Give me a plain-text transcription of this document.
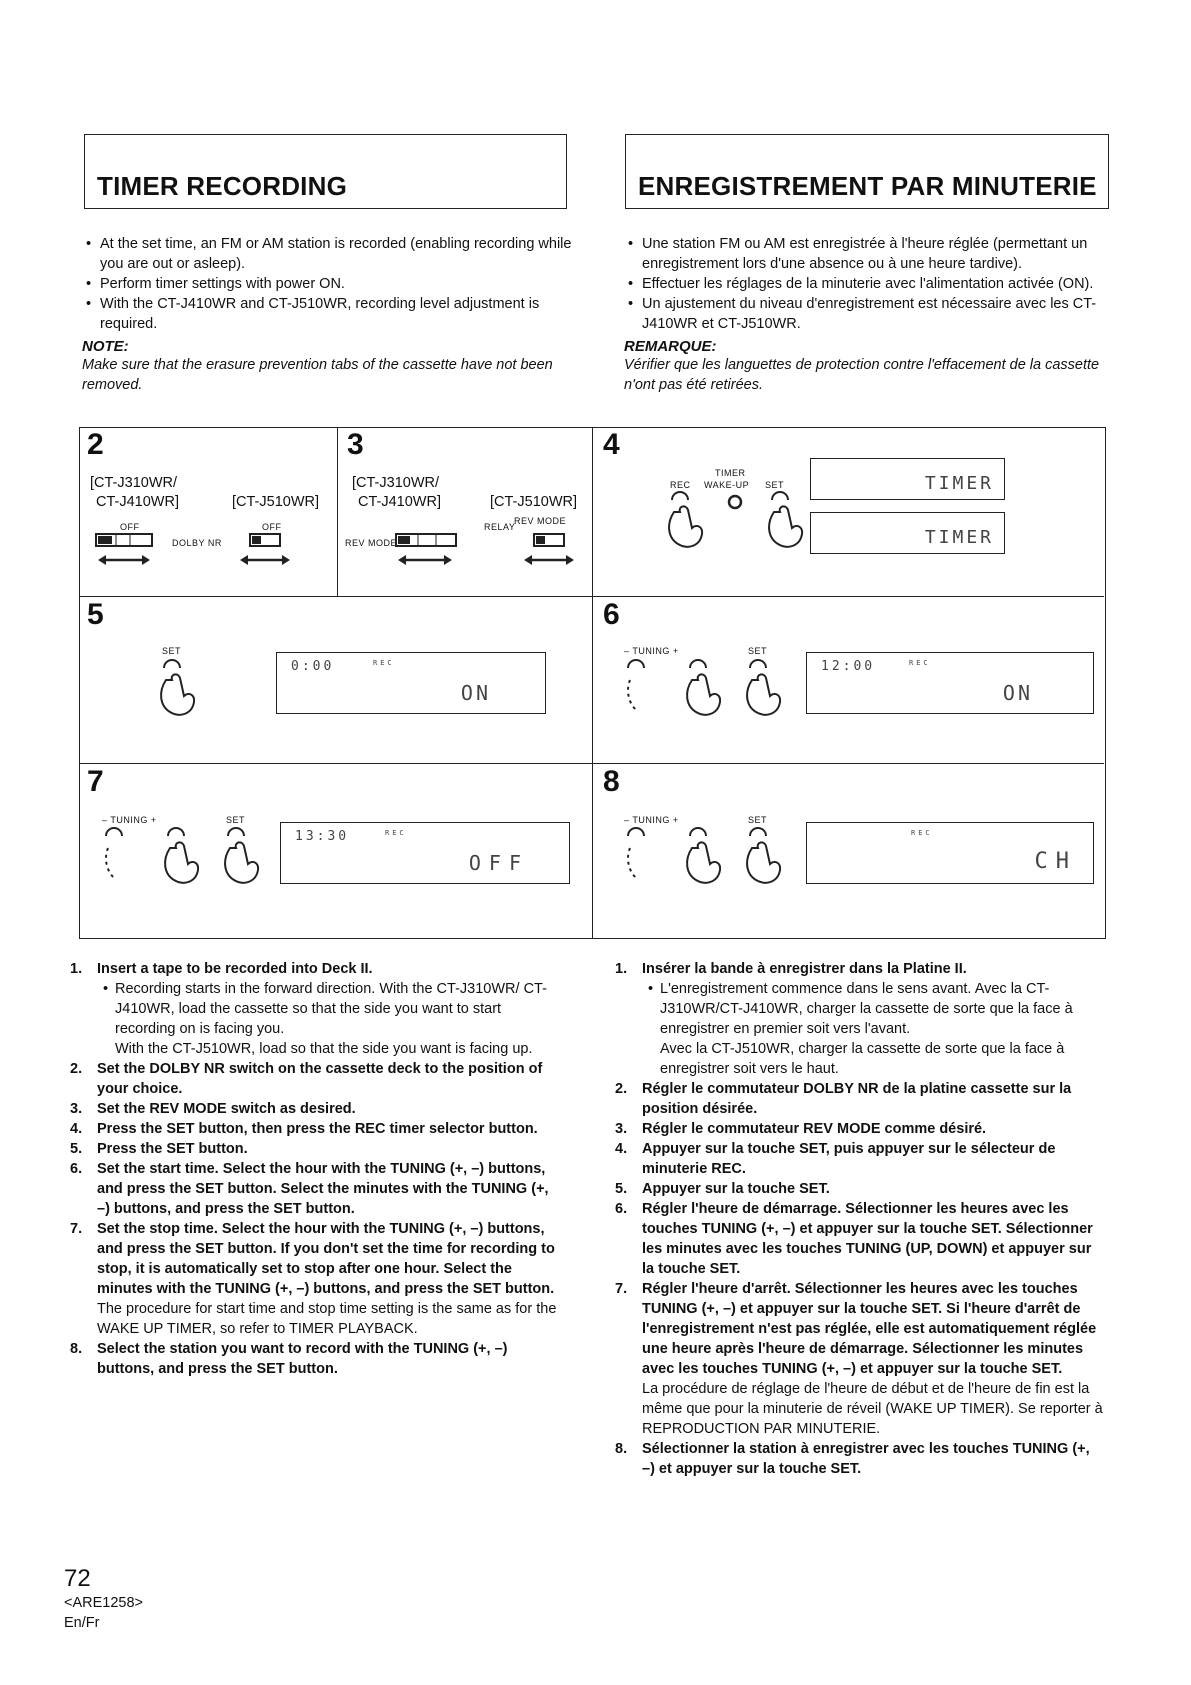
TIMER RECORDING	ENREGISTREMENT PAR MINUTERIE
• At the set time, an FM or AM station is recorded (enabling recording while you are out or asleep).
• Perform timer settings with power ON.
• With the CT-J410WR and CT-J510WR, recording level adjustment is required.
NOTE:
Make sure that the erasure prevention tabs of the cassette have not been removed.
• Une station FM ou AM est enregistrée à l'heure réglée (permettant un enregistrement lors d'une absence ou à une heure tardive).
• Effectuer les réglages de la minuterie avec l'alimentation activée (ON).
• Un ajustement du niveau d'enregistrement est nécessaire avec les CT-J410WR et CT-J510WR.
REMARQUE:
Vérifier que les languettes de protection contre l'effacement de la cassette n'ont pas été retirées.
2
[CT-J310WR/
CT-J410WR]	[CT-J510WR]
OFF
DOLBY NR
OFF
3
[CT-J310WR/
CT-J410WR]	[CT-J510WR]
REV MODE
RELAY
REV MODE
4
TIMER
REC WAKE-UP SET	TIMER
TIMER
5
SET
0:00	REC
ON
6
– TUNING +	SET
12:00	REC
ON
7
– TUNING +	SET
13:30	REC
OFF
8
– TUNING +	SET
REC
CH
1. Insert a tape to be recorded into Deck II.
• Recording starts in the forward direction. With the CT-J310WR/ CT-J410WR, load the cassette so that the side you want to start recording on is facing you.
With the CT-J510WR, load so that the side you want is facing up.
2. Set the DOLBY NR switch on the cassette deck to the position of your choice.
3. Set the REV MODE switch as desired.
4. Press the SET button, then press the REC timer selector button.
5. Press the SET button.
6. Set the start time. Select the hour with the TUNING (+, –) buttons, and press the SET button. Select the minutes with the TUNING (+, –) buttons, and press the SET button.
7. Set the stop time. Select the hour with the TUNING (+, –) buttons, and press the SET button. If you don't set the time for recording to stop, it is automatically set to stop after one hour. Select the minutes with the TUNING (+, –) buttons, and press the SET button.
The procedure for start time and stop time setting is the same as for the WAKE UP TIMER, so refer to TIMER PLAYBACK.
8. Select the station you want to record with the TUNING (+, –) buttons, and press the SET button.
1. Insérer la bande à enregistrer dans la Platine II.
• L'enregistrement commence dans le sens avant. Avec la CT-J310WR/CT-J410WR, charger la cassette de sorte que la face à enregistrer en premier soit vers l'avant.
Avec la CT-J510WR, charger la cassette de sorte que la face à enregistrer soit vers le haut.
2. Régler le commutateur DOLBY NR de la platine cassette sur la position désirée.
3. Régler le commutateur REV MODE comme désiré.
4. Appuyer sur la touche SET, puis appuyer sur le sélecteur de minuterie REC.
5. Appuyer sur la touche SET.
6. Régler l'heure de démarrage. Sélectionner les heures avec les touches TUNING (+, –) et appuyer sur la touche SET. Sélectionner les minutes avec les touches TUNING (UP, DOWN) et appuyer sur la touche SET.
7. Régler l'heure d'arrêt. Sélectionner les heures avec les touches TUNING (+, –) et appuyer sur la touche SET. Si l'heure d'arrêt de l'enregistrement n'est pas réglée, elle est automatiquement réglée une heure après l'heure de démarrage. Sélectionner les minutes avec les touches TUNING (+, –) et appuyer sur la touche SET.
La procédure de réglage de l'heure de début et de l'heure de fin est la même que pour la minuterie de réveil (WAKE UP TIMER). Se reporter à REPRODUCTION PAR MINUTERIE.
8. Sélectionner la station à enregistrer avec les touches TUNING (+, –) et appuyer sur la touche SET.
72
<ARE1258>
En/Fr
